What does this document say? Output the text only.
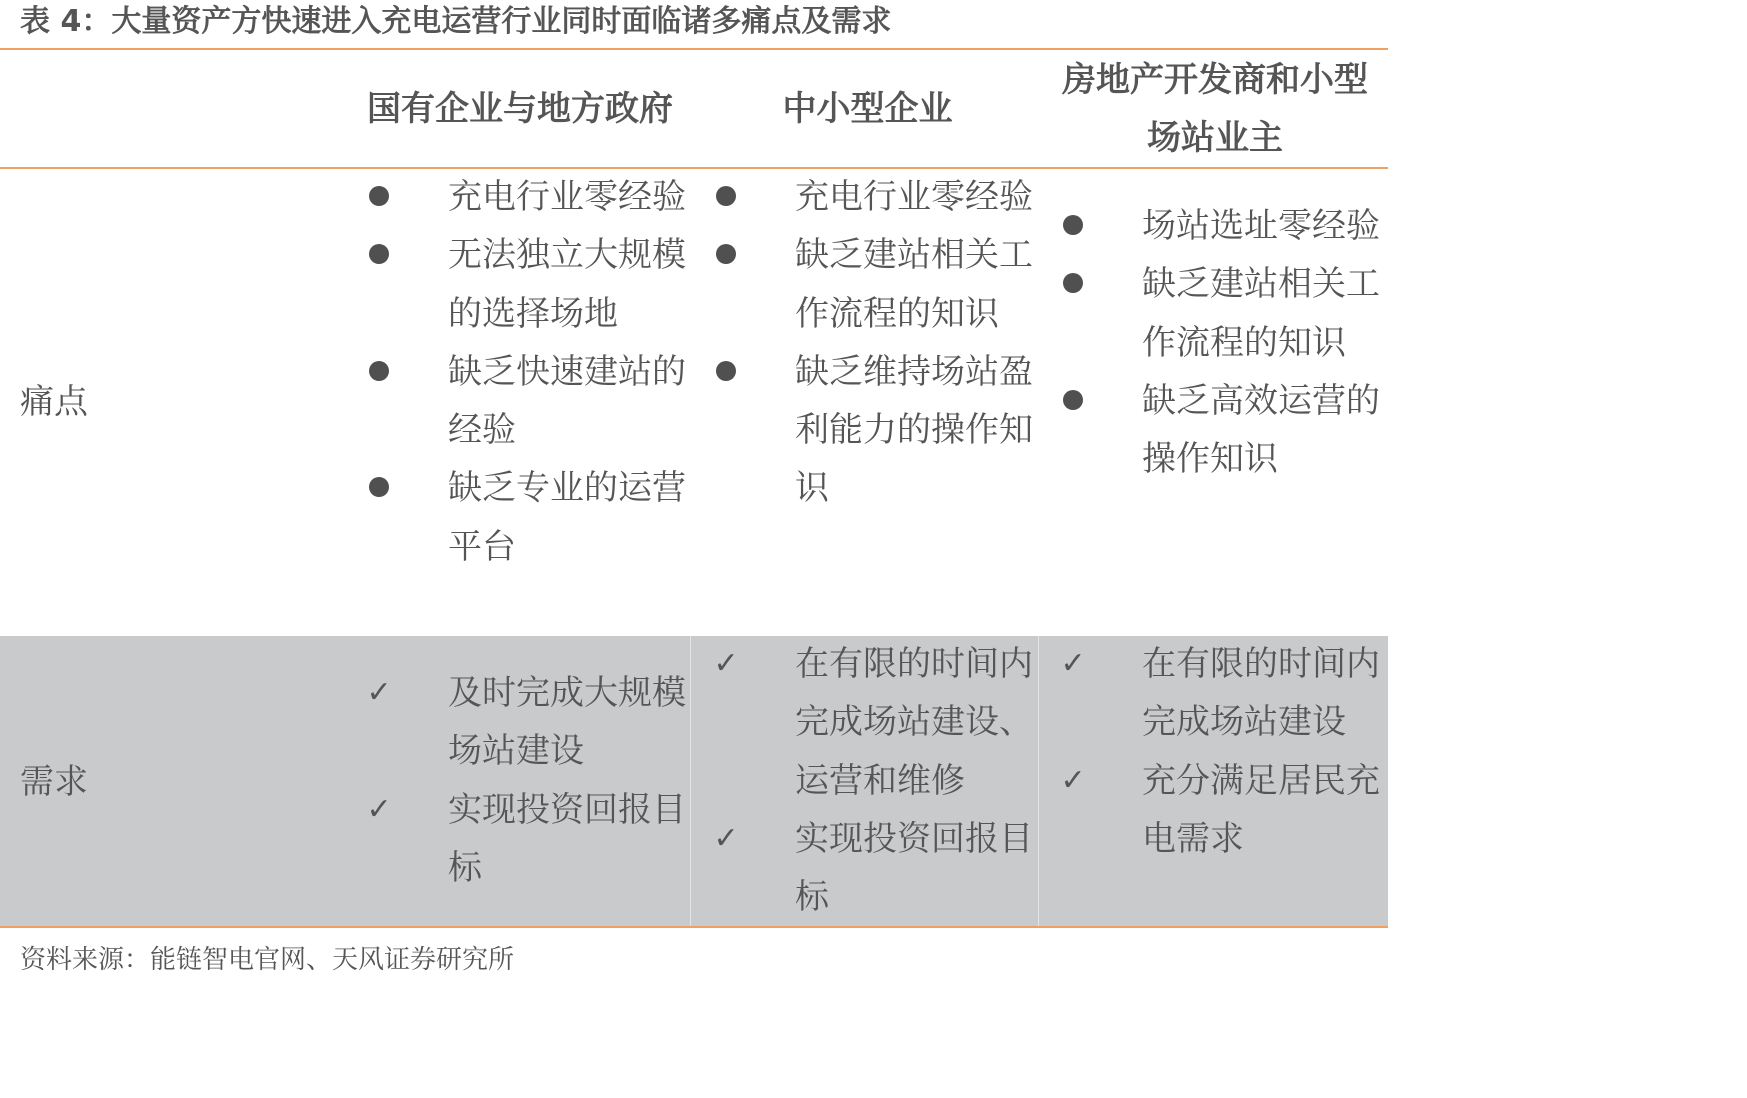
表 4：大量资产方快速进入充电运营行业同时面临诸多痛点及需求
国有企业与地方政府	中小型企业
房地产开发商和小型场站业主
痛点
充电行业零经验
无法独立大规模的选择场地
缺乏快速建站的经验
缺乏专业的运营平台
充电行业零经验
缺乏建站相关工作流程的知识
缺乏维持场站盈利能力的操作知识
场站选址零经验
缺乏建站相关工作流程的知识
缺乏高效运营的操作知识
需求
✓ 及时完成大规模场站建设
✓ 实现投资回报目标
✓ 在有限的时间内完成场站建设、运营和维修
✓ 实现投资回报目标
✓ 在有限的时间内完成场站建设
✓ 充分满足居民充电需求
资料来源：能链智电官网、天风证券研究所
